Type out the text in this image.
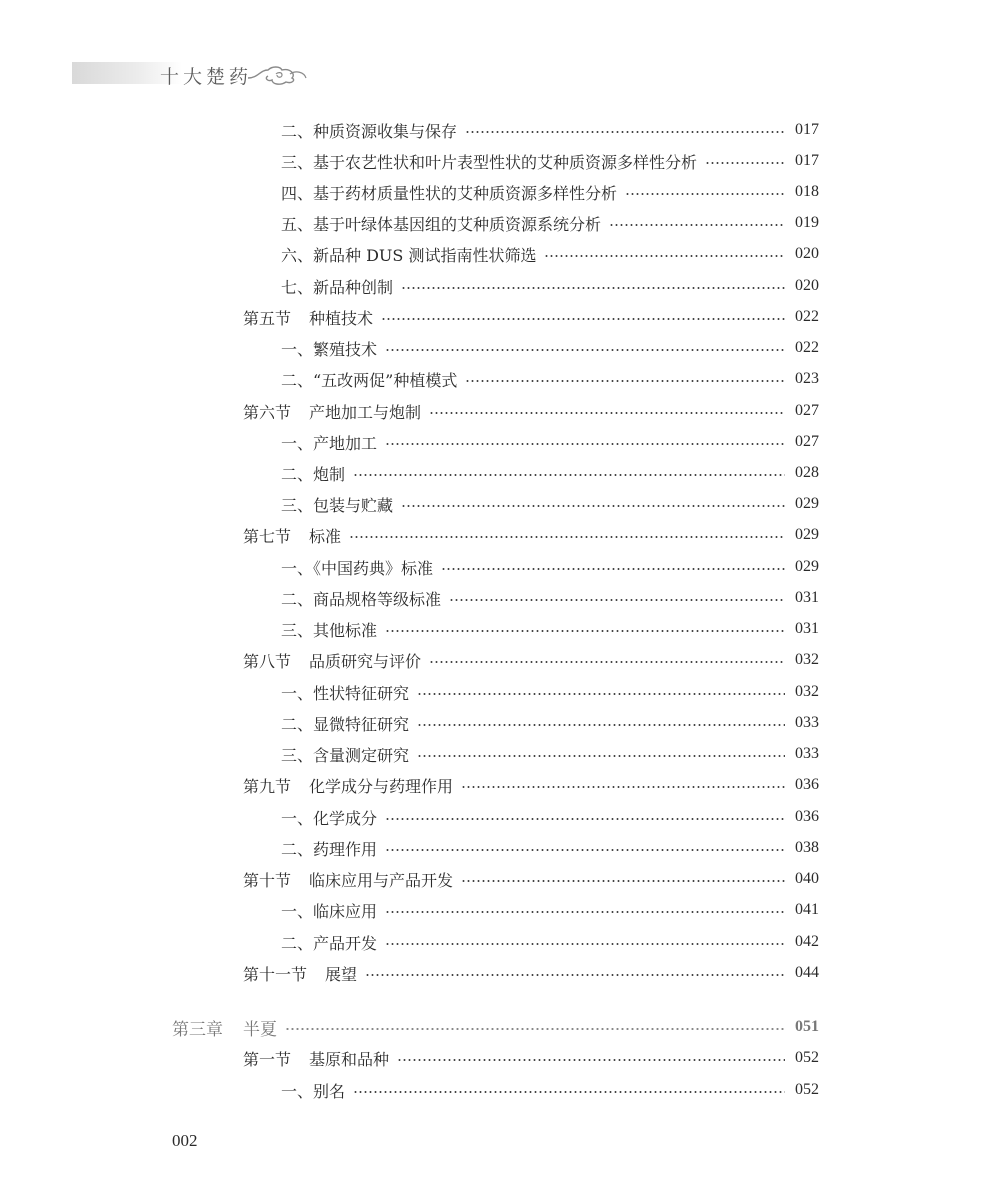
十大楚药
二、种质资源收集与保存	017
三、基于农艺性状和叶片表型性状的艾种质资源多样性分析	017
四、基于药材质量性状的艾种质资源多样性分析	018
五、基于叶绿体基因组的艾种质资源系统分析	019
六、新品种 DUS 测试指南性状筛选	020
七、新品种创制	020
第五节 种植技术	022
一、繁殖技术	022
二、“五改两促”种植模式	023
第六节 产地加工与炮制	027
一、产地加工	027
二、炮制	028
三、包装与贮藏	029
第七节 标准	029
一、《中国药典》标准	029
二、商品规格等级标准	031
三、其他标准	031
第八节 品质研究与评价	032
一、性状特征研究	032
二、显微特征研究	033
三、含量测定研究	033
第九节 化学成分与药理作用	036
一、化学成分	036
二、药理作用	038
第十节 临床应用与产品开发	040
一、临床应用	041
二、产品开发	042
第十一节 展望	044
第三章 半夏	051
第一节 基原和品种	052
一、别名	052
002
